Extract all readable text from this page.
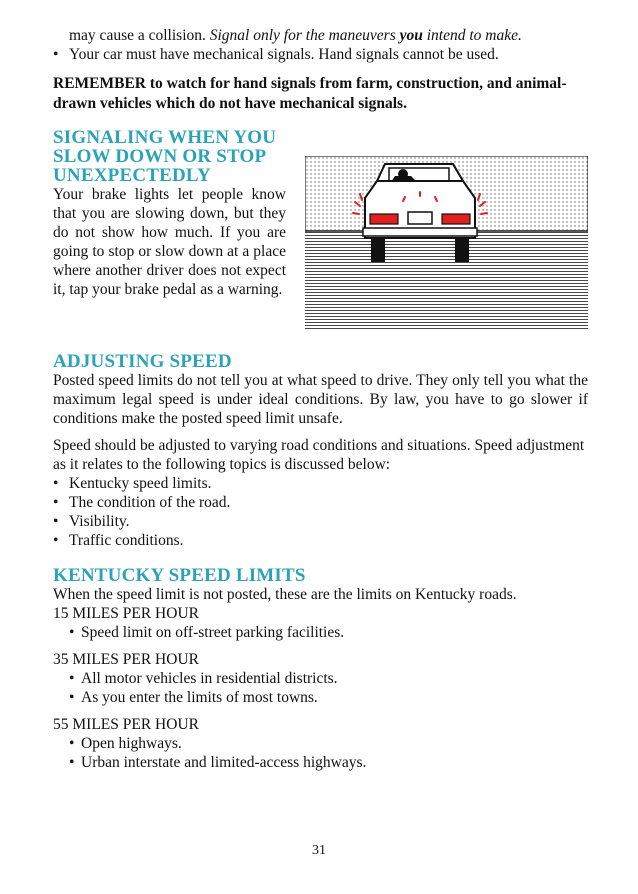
may cause a collision. Signal only for the maneuvers you intend to make.

• Your car must have mechanical signals. Hand signals cannot be used.

REMEMBER to watch for hand signals from farm, construction, and animal-drawn vehicles which do not have mechanical signals.

SIGNALING WHEN YOU
SLOW DOWN OR STOP
UNEXPECTEDLY

Your brake lights let people know that you are slowing down, but they do not show how much. If you are going to stop or slow down at a place where another driver does not expect it, tap your brake pedal as a warning.

ADJUSTING SPEED

Posted speed limits do not tell you at what speed to drive. They only tell you what the maximum legal speed is under ideal conditions. By law, you have to go slower if conditions make the posted speed limit unsafe.

Speed should be adjusted to varying road conditions and situations. Speed adjustment as it relates to the following topics is discussed below:

• Kentucky speed limits.

• The condition of the road.

• Visibility.

• Traffic conditions.

KENTUCKY SPEED LIMITS

When the speed limit is not posted, these are the limits on Kentucky roads.

15 MILES PER HOUR

• Speed limit on off-street parking facilities.

35 MILES PER HOUR

• All motor vehicles in residential districts.

• As you enter the limits of most towns.

55 MILES PER HOUR

• Open highways.

• Urban interstate and limited-access highways.

31
